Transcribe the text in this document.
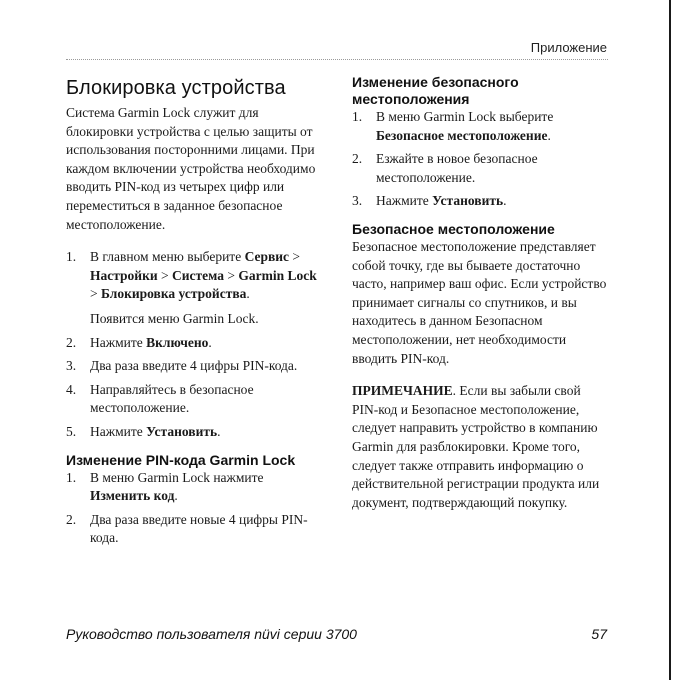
Приложение
Блокировка устройства

Система Garmin Lock служит для блокировки устройства с целью защиты от использования посторонними лицами. При каждом включении устройства необходимо вводить PIN-код из четырех цифр или переместиться в заданное безопасное местоположение.

1. В главном меню выберите Сервис > Настройки > Система > Garmin Lock > Блокировка устройства.
Появится меню Garmin Lock.
2. Нажмите Включено.
3. Два раза введите 4 цифры PIN-кода.
4. Направляйтесь в безопасное местоположение.
5. Нажмите Установить.
Изменение PIN-кода Garmin Lock
1. В меню Garmin Lock нажмите Изменить код.
2. Два раза введите новые 4 цифры PIN-кода.
Изменение безопасного местоположения
1. В меню Garmin Lock выберите Безопасное местоположение.
2. Езжайте в новое безопасное местоположение.
3. Нажмите Установить.
Безопасное местоположение

Безопасное местоположение представляет собой точку, где вы бываете достаточно часто, например ваш офис. Если устройство принимает сигналы со спутников, и вы находитесь в данном Безопасном местоположении, нет необходимости вводить PIN-код.

ПРИМЕЧАНИЕ. Если вы забыли свой PIN-код и Безопасное местоположение, следует направить устройство в компанию Garmin для разблокировки. Кроме того, следует также отправить информацию о действительной регистрации продукта или документ, подтверждающий покупку.

Руководство пользователя nüvi серии 3700	57
